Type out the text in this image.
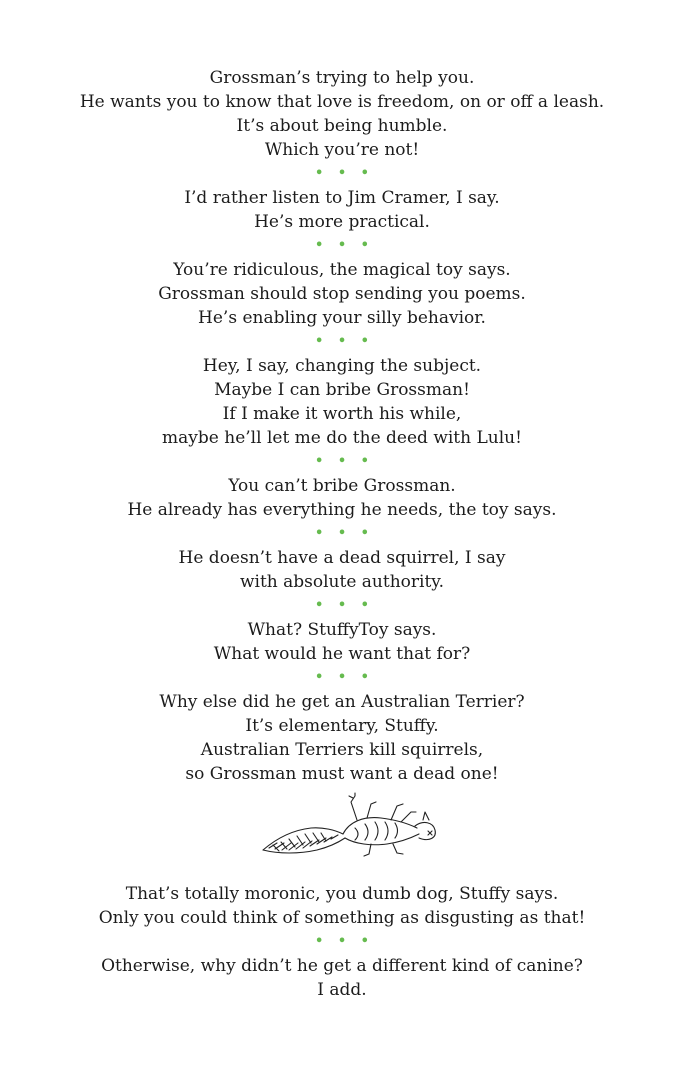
Grossman’s trying to help you.
He wants you to know that love is freedom, on or off a leash.
It’s about being humble.
Which you’re not!
• • •
I’d rather listen to Jim Cramer, I say.
He’s more practical.
• • •
You’re ridiculous, the magical toy says.
Grossman should stop sending you poems.
He’s enabling your silly behavior.
• • •
Hey, I say, changing the subject.
Maybe I can bribe Grossman!
If I make it worth his while,
maybe he’ll let me do the deed with Lulu!
• • •
You can’t bribe Grossman.
He already has everything he needs, the toy says.
• • •
He doesn’t have a dead squirrel, I say
with absolute authority.
• • •
What? StuffyToy says.
What would he want that for?
• • •
Why else did he get an Australian Terrier?
It’s elementary, Stuffy.
Australian Terriers kill squirrels,
so Grossman must want a dead one!
That’s totally moronic, you dumb dog, Stuffy says.
Only you could think of something as disgusting as that!
• • •
Otherwise, why didn’t he get a different kind of canine?
I add.
